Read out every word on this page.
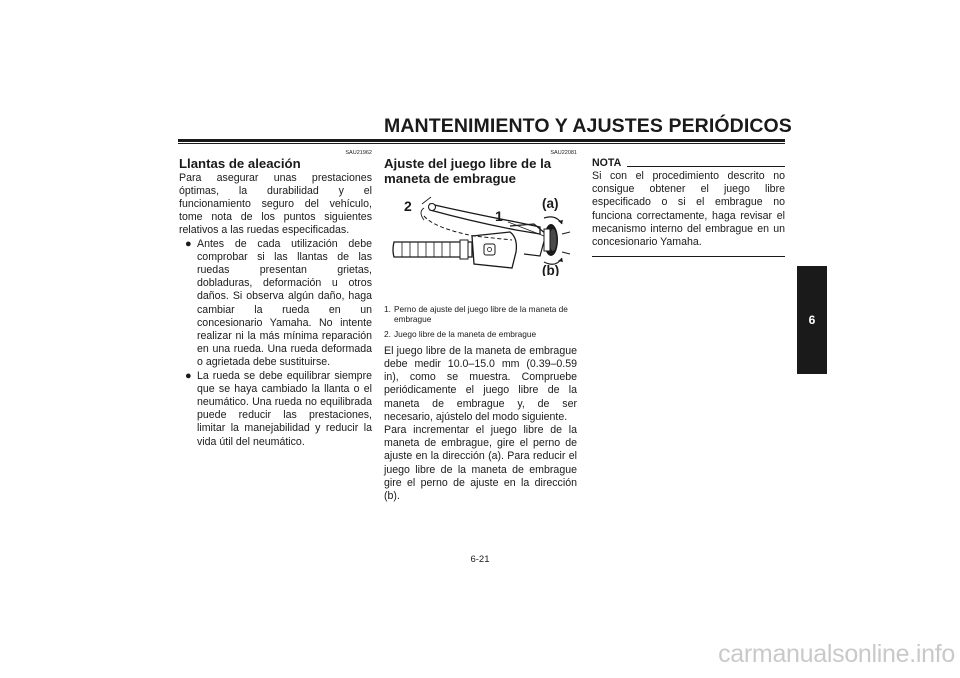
MANTENIMIENTO Y AJUSTES PERIÓDICOS
SAU21962
Llantas de aleación

Para asegurar unas prestaciones óptimas, la durabilidad y el funcionamiento seguro del vehículo, tome nota de los puntos siguientes relativos a las ruedas especificadas.

● Antes de cada utilización debe comprobar si las llantas de las ruedas presentan grietas, dobladuras, deformación u otros daños. Si observa algún daño, haga cambiar la rueda en un concesionario Yamaha. No intente realizar ni la más mínima reparación en una rueda. Una rueda deformada o agrietada debe sustituirse.
● La rueda se debe equilibrar siempre que se haya cambiado la llanta o el neumático. Una rueda no equilibrada puede reducir las prestaciones, limitar la manejabilidad y reducir la vida útil del neumático.
SAU22081
Ajuste del juego libre de la maneta de embrague
2
1
(a)
(b)
1. Perno de ajuste del juego libre de la maneta de embrague
2. Juego libre de la maneta de embrague

El juego libre de la maneta de embrague debe medir 10.0–15.0 mm (0.39–0.59 in), como se muestra. Compruebe periódicamente el juego libre de la maneta de embrague y, de ser necesario, ajústelo del modo siguiente.

Para incrementar el juego libre de la maneta de embrague, gire el perno de ajuste en la dirección (a). Para reducir el juego libre de la maneta de embrague gire el perno de ajuste en la dirección (b).

NOTA

Si con el procedimiento descrito no consigue obtener el juego libre especificado o si el embrague no funciona correctamente, haga revisar el mecanismo interno del embrague en un concesionario Yamaha.

6
6-21
carmanualsonline.info
